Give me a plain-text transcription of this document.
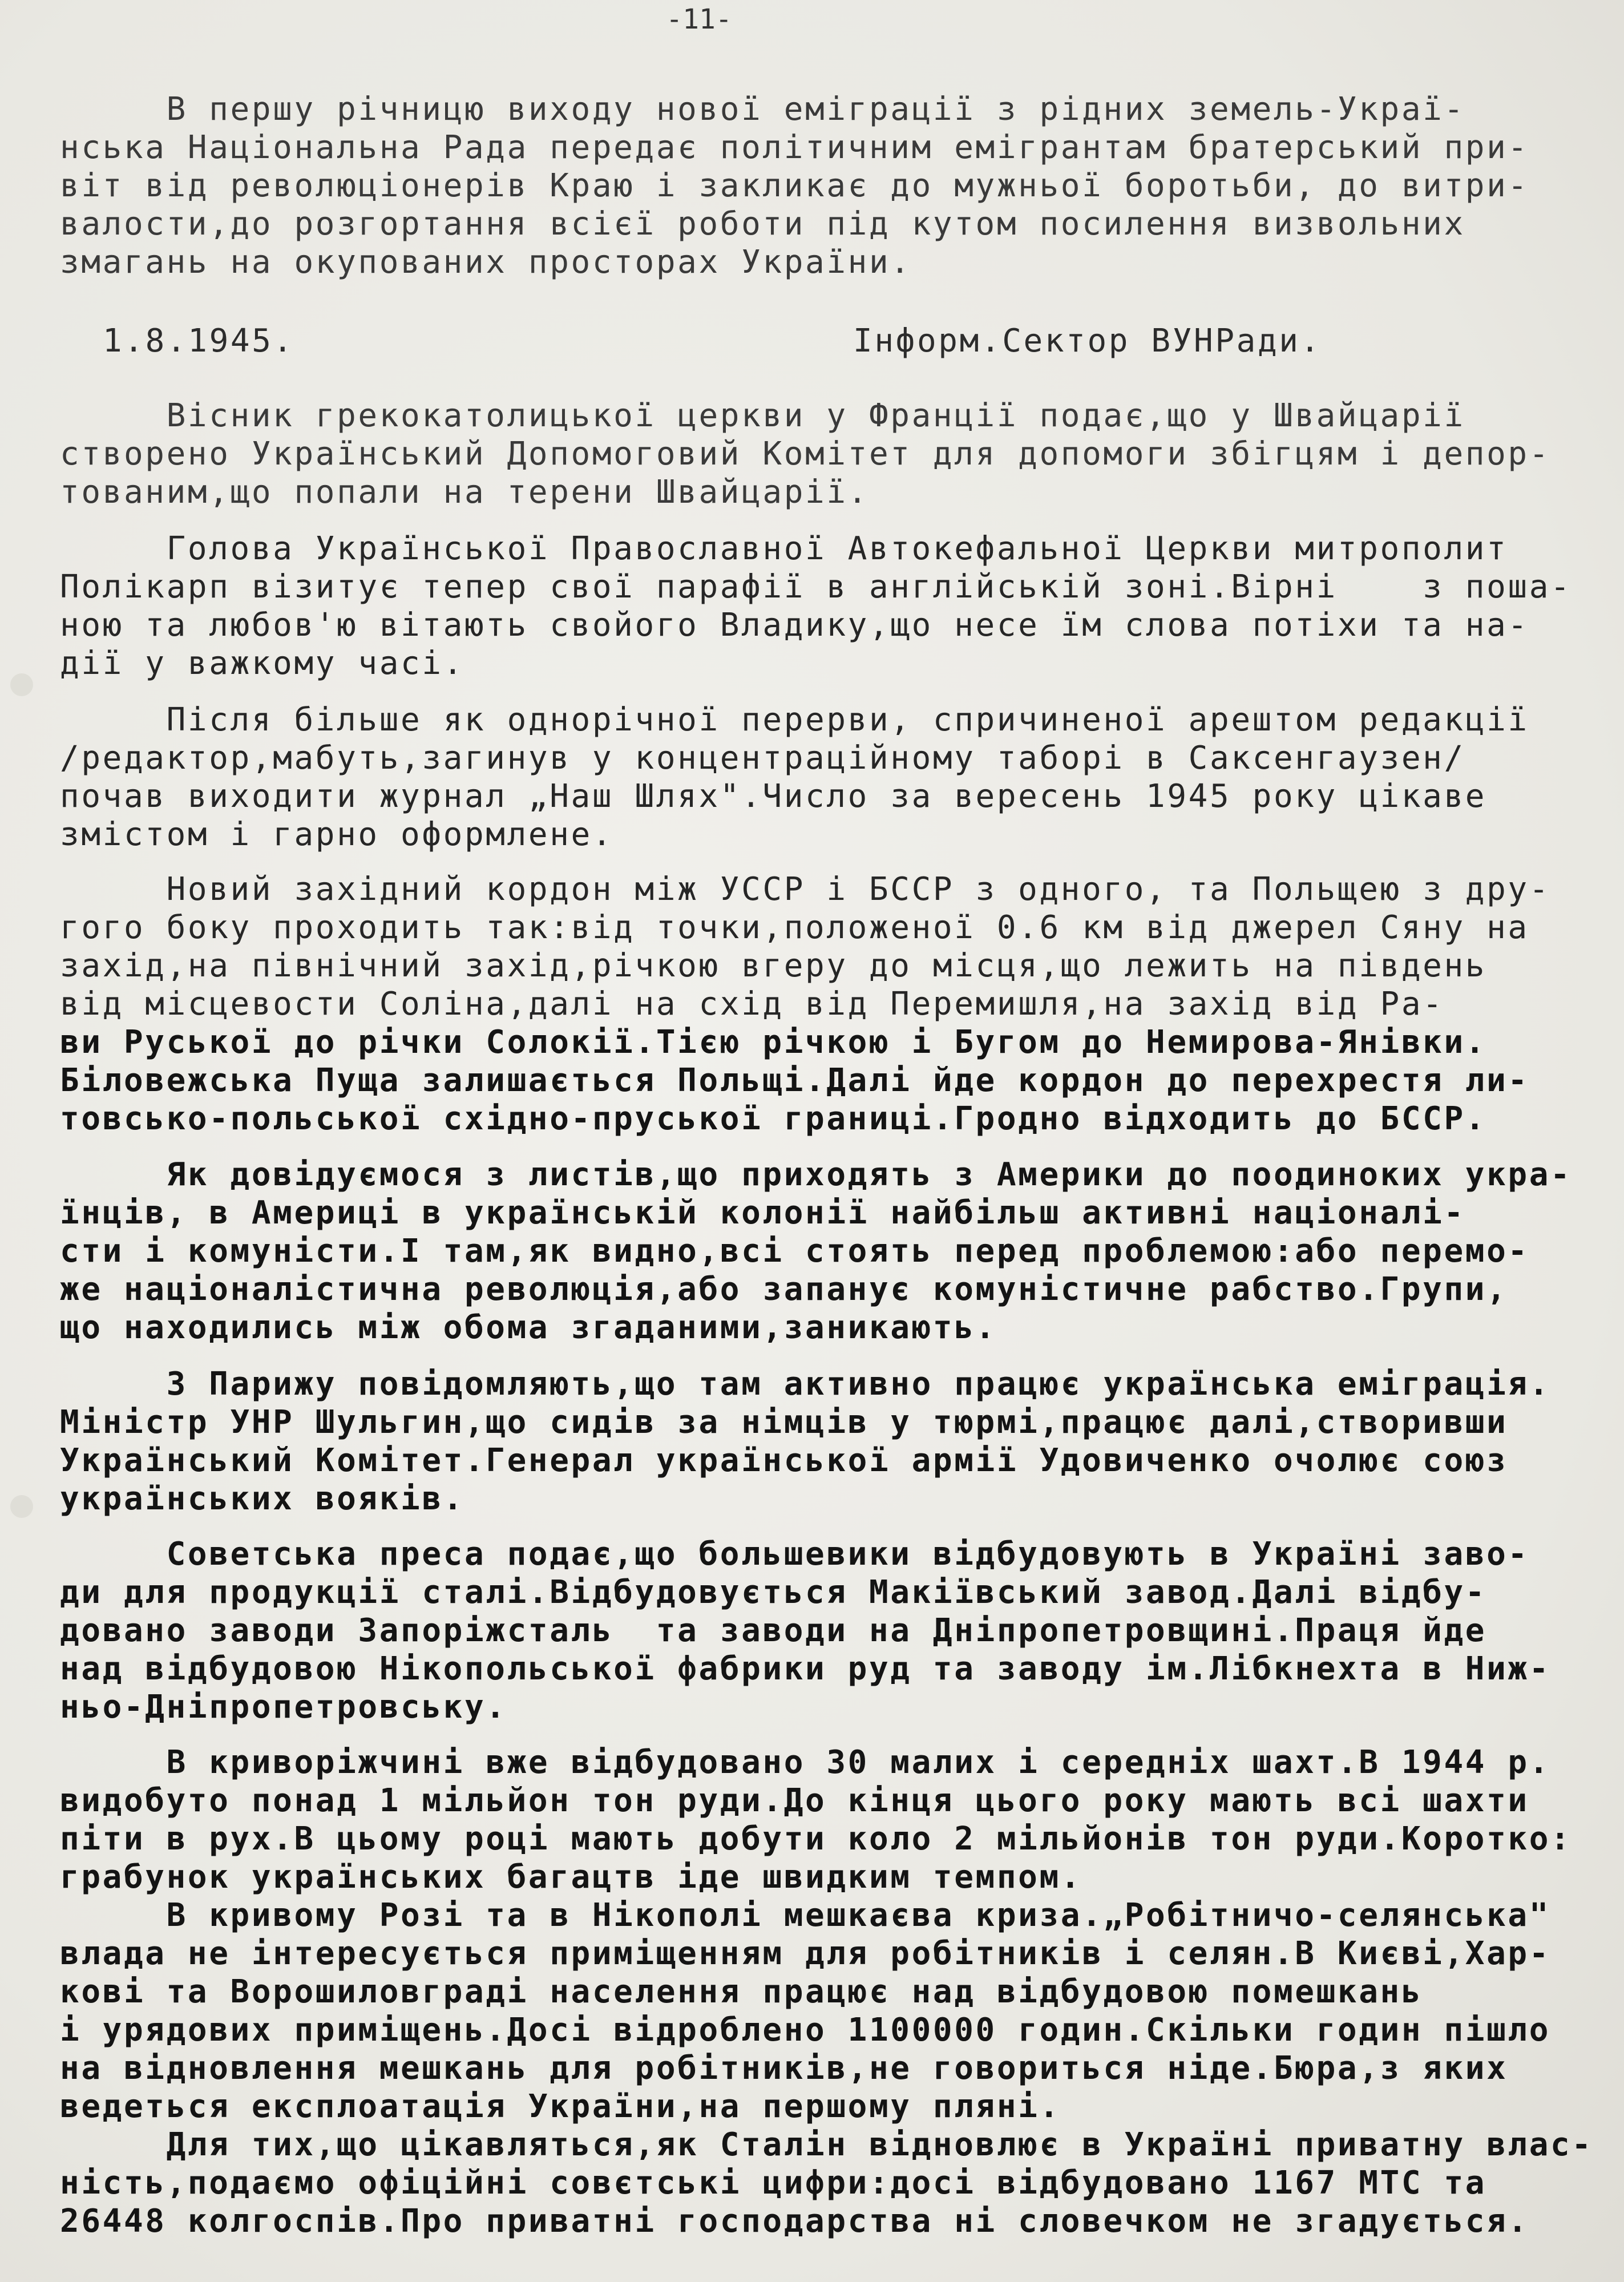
-11-
В першу річницю виходу нової еміграції з рідних земель-Украї-
нська Національна Рада передає політичним емігрантам братерський при-
віт від революціонерів Краю і закликає до мужньої боротьби, до витри-
валости,до розгортання всієї роботи під кутом посилення визвольних
змагань на окупованих просторах України.
1.8.1945.	Інформ.Сектор ВУНРади.
Вісник грекокатолицької церкви у Франції подає,що у Швайцарії
створено Український Допомоговий Комітет для допомоги збігцям і депор-
тованим,що попали на терени Швайцарії.
Голова Української Православної Автокефальної Церкви митрополит
Полікарп візитує тепер свої парафії в англійській зоні.Вірні    з поша-
ною та любов'ю вітають свойого Владику,що несе їм слова потіхи та на-
дії у важкому часі.
Після більше як однорічної перерви, спричиненої арештом редакції
/редактор,мабуть,загинув у концентраційному таборі в Саксенгаузен/
почав виходити журнал „Наш Шлях".Число за вересень 1945 року цікаве
змістом і гарно оформлене.
Новий західний кордон між УССР і БССР з одного, та Польщею з дру-
гого боку проходить так:від точки,положеної 0.6 км від джерел Сяну на
захід,на північний захід,річкою вгеру до місця,що лежить на південь
від місцевости Соліна,далі на схід від Перемишля,на захід від Ра-
ви Руської до річки Солокії.Тією річкою і Бугом до Немирова-Янівки.
Біловежська Пуща залишається Польщі.Далі йде кордон до перехрестя ли-
товсько-польської східно-пруської границі.Гродно відходить до БССР.
Як довідуємося з листів,що приходять з Америки до поодиноких укра-
їнців, в Америці в українській колонії найбільш активні націоналі-
сти і комуністи.І там,як видно,всі стоять перед проблемою:або перемо-
же націоналістична революція,або запанує комуністичне рабство.Групи,
що находились між обома згаданими,заникають.
З Парижу повідомляють,що там активно працює українська еміграція.
Міністр УНР Шульгин,що сидів за німців у тюрмі,працює далі,створивши
Український Комітет.Генерал української армії Удовиченко очолює союз
українських вояків.
Советська преса подає,що большевики відбудовують в Україні заво-
ди для продукції сталі.Відбудовується Макіївський завод.Далі відбу-
довано заводи Запоріжсталь  та заводи на Дніпропетровщині.Праця йде
над відбудовою Нікопольської фабрики руд та заводу ім.Лібкнехта в Ниж-
ньо-Дніпропетровську.
В криворіжчині вже відбудовано 30 малих і середніх шахт.В 1944 р.
видобуто понад 1 мільйон тон руди.До кінця цього року мають всі шахти
піти в рух.В цьому році мають добути коло 2 мільйонів тон руди.Коротко:
грабунок українських багацтв іде швидким темпом.
В кривому Розі та в Нікополі мешкаєва криза.„Робітничо-селянська"
влада не інтересується приміщенням для робітників і селян.В Києві,Хар-
кові та Ворошиловграді населення працює над відбудовою помешкань
і урядових приміщень.Досі відроблено 1100000 годин.Скільки годин пішло
на відновлення мешкань для робітників,не говориться ніде.Бюра,з яких
ведеться експлоатація України,на першому пляні.
Для тих,що цікавляться,як Сталін відновлює в Україні приватну влас-
ність,подаємо офіційні совєтські цифри:досі відбудовано 1167 МТС та
26448 колгоспів.Про приватні господарства ні словечком не згадується.
